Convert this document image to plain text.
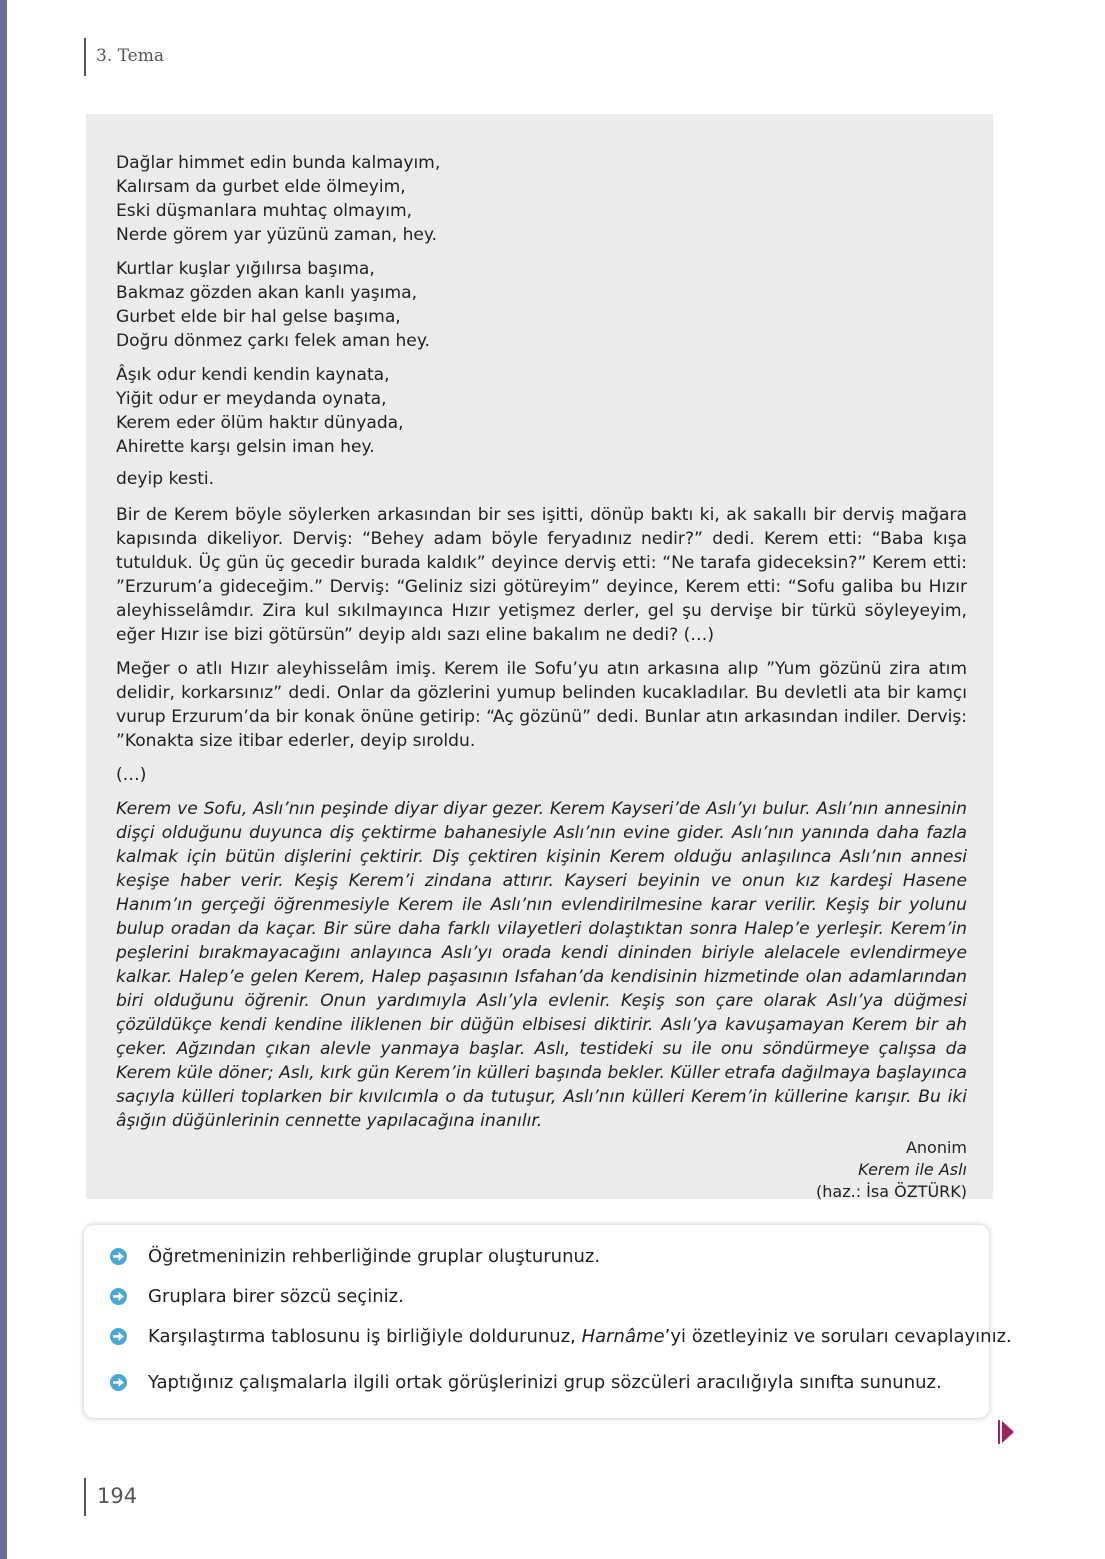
3. Tema
Dağlar himmet edin bunda kalmayım,
Kalırsam da gurbet elde ölmeyim,
Eski düşmanlara muhtaç olmayım,
Nerde görem yar yüzünü zaman, hey.
Kurtlar kuşlar yığılırsa başıma,
Bakmaz gözden akan kanlı yaşıma,
Gurbet elde bir hal gelse başıma,
Doğru dönmez çarkı felek aman hey.
Âşık odur kendi kendin kaynata,
Yiğit odur er meydanda oynata,
Kerem eder ölüm haktır dünyada,
Ahirette karşı gelsin iman hey.

deyip kesti.

Bir de Kerem böyle söylerken arkasından bir ses işitti, dönüp baktı ki, ak sakallı bir derviş mağara kapısında dikeliyor. Derviş: “Behey adam böyle feryadınız nedir?” dedi. Kerem etti: “Baba kışa tutulduk. Üç gün üç gecedir burada kaldık” deyince derviş etti: “Ne tarafa gideceksin?” Kerem etti: ”Erzurum’a gideceğim.” Derviş: “Geliniz sizi götüreyim” deyince, Kerem etti: “Sofu galiba bu Hızır aleyhisselâmdır. Zira kul sıkılmayınca Hızır yetişmez derler, gel şu dervişe bir türkü söyleyeyim, eğer Hızır ise bizi götürsün” deyip aldı sazı eline bakalım ne dedi? (…)

Meğer o atlı Hızır aleyhisselâm imiş. Kerem ile Sofu’yu atın arkasına alıp ”Yum gözünü zira atım delidir, korkarsınız” dedi. Onlar da gözlerini yumup belinden kucakladılar. Bu devletli ata bir kamçı vurup Erzurum’da bir konak önüne getirip: “Aç gözünü” dedi. Bunlar atın arkasından indiler. Derviş: ”Konakta size itibar ederler, deyip sıroldu.

(…)

Kerem ve Sofu, Aslı’nın peşinde diyar diyar gezer. Kerem Kayseri’de Aslı’yı bulur. Aslı’nın annesinin dişçi olduğunu duyunca diş çektirme bahanesiyle Aslı’nın evine gider. Aslı’nın yanında daha fazla kalmak için bütün dişlerini çektirir. Diş çektiren kişinin Kerem olduğu anlaşılınca Aslı’nın annesi keşişe haber verir. Keşiş Kerem’i zindana attırır. Kayseri beyinin ve onun kız kardeşi Hasene Hanım’ın gerçeği öğrenmesiyle Kerem ile Aslı’nın evlendirilmesine karar verilir. Keşiş bir yolunu bulup oradan da kaçar. Bir süre daha farklı vilayetleri dolaştıktan sonra Halep’e yerleşir. Kerem’in peşlerini bırakmayacağını anlayınca Aslı’yı orada kendi dininden biriyle alelacele evlendirmeye kalkar. Halep’e gelen Kerem, Halep paşasının Isfahan’da kendisinin hizmetinde olan adamlarından biri olduğunu öğrenir. Onun yardımıyla Aslı’yla evlenir. Keşiş son çare olarak Aslı’ya düğmesi çözüldükçe kendi kendine iliklenen bir düğün elbisesi diktirir. Aslı’ya kavuşamayan Kerem bir ah çeker. Ağzından çıkan alevle yanmaya başlar. Aslı, testideki su ile onu söndürmeye çalışsa da Kerem küle döner; Aslı, kırk gün Kerem’in külleri başında bekler. Küller etrafa dağılmaya başlayınca saçıyla külleri toplarken bir kıvılcımla o da tutuşur, Aslı’nın külleri Kerem’in küllerine karışır. Bu iki âşığın düğünlerinin cennette yapılacağına inanılır.

Anonim
Kerem ile Aslı
(haz.: İsa ÖZTÜRK)
Öğretmeninizin rehberliğinde gruplar oluşturunuz.
Gruplara birer sözcü seçiniz.
Karşılaştırma tablosunu iş birliğiyle doldurunuz, Harnâme’yi özetleyiniz ve soruları cevaplayınız.
Yaptığınız çalışmalarla ilgili ortak görüşlerinizi grup sözcüleri aracılığıyla sınıfta sununuz.
194
